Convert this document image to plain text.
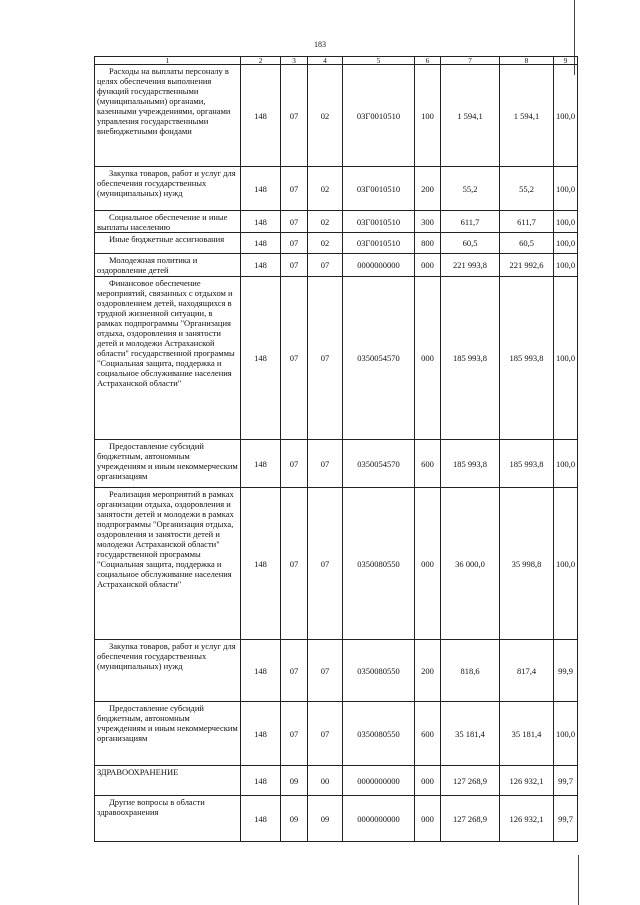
183
1	2	3	4	5	6	7	8	9
Расходы на выплаты персоналу в целях обеспечения выполнения функций государственными (муниципальными) органами, казенными учреждениями, органами управления государственными внебюджетными фондами	148	07	02	03Г0010510	100	1 594,1	1 594,1	100,0
Закупка товаров, работ и услуг для обеспечения государственных (муниципальных) нужд	148	07	02	03Г0010510	200	55,2	55,2	100,0
Социальное обеспечение и иные выплаты населению	148	07	02	03Г0010510	300	611,7	611,7	100,0
Иные бюджетные ассигнования	148	07	02	03Г0010510	800	60,5	60,5	100,0
Молодежная политика и оздоровление детей	148	07	07	0000000000	000	221 993,8	221 992,6	100,0
Финансовое обеспечение мероприятий, связанных с отдыхом и оздоровлением детей, находящихся в трудной жизненной ситуации, в рамках подпрограммы "Организация отдыха, оздоровления и занятости детей и молодежи Астраханской области" государственной программы "Социальная защита, поддержка и социальное обслуживание населения Астраханской области"	148	07	07	0350054570	000	185 993,8	185 993,8	100,0
Предоставление субсидий бюджетным, автономным учреждениям и иным некоммерческим организациям	148	07	07	0350054570	600	185 993,8	185 993,8	100,0
Реализация мероприятий в рамках организации отдыха, оздоровления и занятости детей и молодежи в рамках подпрограммы "Организация отдыха, оздоровления и занятости детей и молодежи Астраханской области" государственной программы "Социальная защита, поддержка и социальное обслуживание населения Астраханской области"	148	07	07	0350080550	000	36 000,0	35 998,8	100,0
Закупка товаров, работ и услуг для обеспечения государственных (муниципальных) нужд	148	07	07	0350080550	200	818,6	817,4	99,9
Предоставление субсидий бюджетным, автономным учреждениям и иным некоммерческим организациям	148	07	07	0350080550	600	35 181,4	35 181,4	100,0
ЗДРАВООХРАНЕНИЕ	148	09	00	0000000000	000	127 268,9	126 932,1	99,7
Другие вопросы в области здравоохранения	148	09	09	0000000000	000	127 268,9	126 932,1	99,7
